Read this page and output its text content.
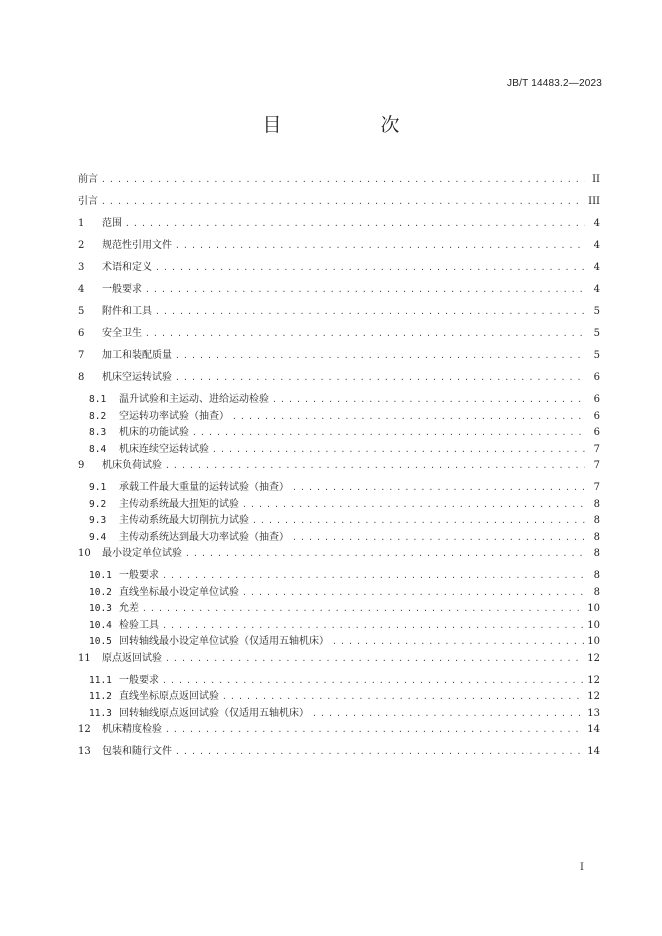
JB/T 14483.2—2023
目　次
前言 . . .	II
引言 . . .	III
1	范围 . . .	4
2	规范性引用文件 . . .	4
3	术语和定义 . . .	4
4	一般要求 . . .	4
5	附件和工具 . . .	5
6	安全卫生 . . .	5
7	加工和装配质量 . . .	5
8	机床空运转试验 . . .	6
8.1	温升试验和主运动、进给运动检验 . . .	6
8.2	空运转功率试验（抽查） . . .	6
8.3	机床的功能试验 . . .	6
8.4	机床连续空运转试验 . . .	7
9	机床负荷试验 . . .	7
9.1	承载工件最大重量的运转试验（抽查） . . .	7
9.2	主传动系统最大扭矩的试验 . . .	8
9.3	主传动系统最大切削抗力试验 . . .	8
9.4	主传动系统达到最大功率试验（抽查） . . .	8
10	最小设定单位试验 . . .	8
10.1 一般要求 . . .	8
10.2 直线坐标最小设定单位试验 . . .	8
10.3 允差 . . .	10
10.4 检验工具 . . .	10
10.5 回转轴线最小设定单位试验（仅适用五轴机床） . . .	10
11	原点返回试验 . . .	12
11.1 一般要求 . . .	12
11.2 直线坐标原点返回试验 . . .	12
11.3 回转轴线原点返回试验（仅适用五轴机床） . . .	13
12	机床精度检验 . . .	14
13	包装和随行文件 . . .	14
I
